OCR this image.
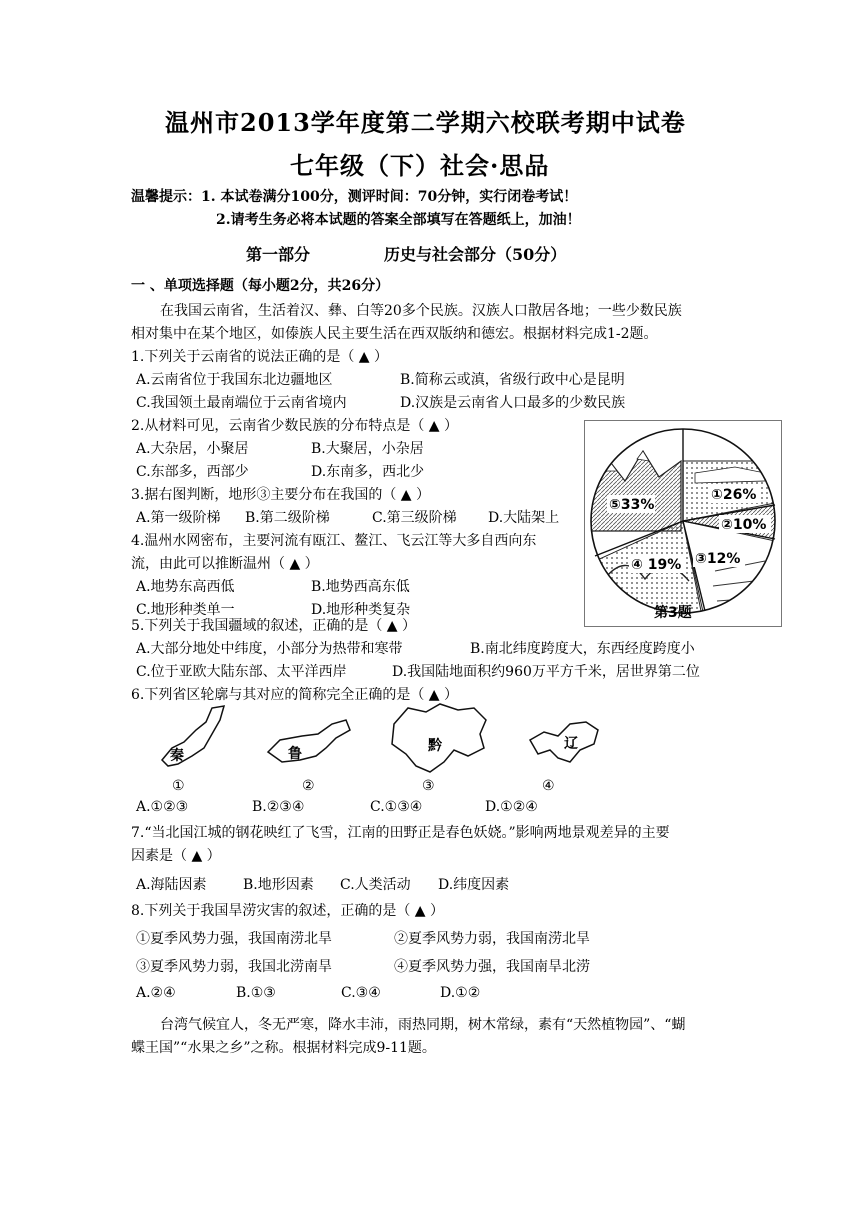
温州市2013学年度第二学期六校联考期中试卷
七年级（下）社会·思品
温馨提示：1. 本试卷满分100分，测评时间：70分钟，实行闭卷考试！
2.请考生务必将本试题的答案全部填写在答题纸上，加油！
第一部分	历史与社会部分（50分）
一 、单项选择题（每小题2分，共26分）
在我国云南省，生活着汉、彝、白等20多个民族。汉族人口散居各地；一些少数民族
相对集中在某个地区，如傣族人民主要生活在西双版纳和德宏。根据材料完成1-2题。
1.下列关于云南省的说法正确的是（ ▲ ）
A.云南省位于我国东北边疆地区	B.简称云或滇，省级行政中心是昆明
C.我国领土最南端位于云南省境内	D.汉族是云南省人口最多的少数民族
2.从材料可见，云南省少数民族的分布特点是（ ▲ ）
A.大杂居，小聚居	B.大聚居，小杂居
C.东部多，西部少	D.东南多，西北少
3.据右图判断，地形③主要分布在我国的（ ▲ ）
A.第一级阶梯 B.第二级阶梯	C.第三级阶梯 D.大陆架上
4.温州水网密布，主要河流有瓯江、鳌江、飞云江等大多自西向东
流，由此可以推断温州（ ▲ ）
A.地势东高西低	B.地势西高东低
C.地形种类单一	D.地形种类复杂
⑤33%
①26%
②10%
③12%
④ 19%
第3题
5.下列关于我国疆域的叙述，正确的是（ ▲ ）
A.大部分地处中纬度，小部分为热带和寒带	B.南北纬度跨度大，东西经度跨度小
C.位于亚欧大陆东部、太平洋西岸	D.我国陆地面积约960万平方千米，居世界第二位
6.下列省区轮廓与其对应的简称完全正确的是（ ▲ ）
秦
①
鲁
②
黔
③
辽
④
A.①②③	B.②③④	C.①③④	D.①②④
7.“当北国江城的钢花映红了飞雪，江南的田野正是春色妖娆。”影响两地景观差异的主要
因素是（ ▲ ）
A.海陆因素	B.地形因素 C.人类活动 D.纬度因素
8.下列关于我国旱涝灾害的叙述，正确的是（ ▲ ）
①夏季风势力强，我国南涝北旱	②夏季风势力弱，我国南涝北旱
③夏季风势力弱，我国北涝南旱	④夏季风势力强，我国南旱北涝
A.②④	B.①③	C.③④	D.①②
台湾气候宜人，冬无严寒，降水丰沛，雨热同期，树木常绿，素有“天然植物园”、“蝴
蝶王国”“水果之乡”之称。根据材料完成9-11题。
